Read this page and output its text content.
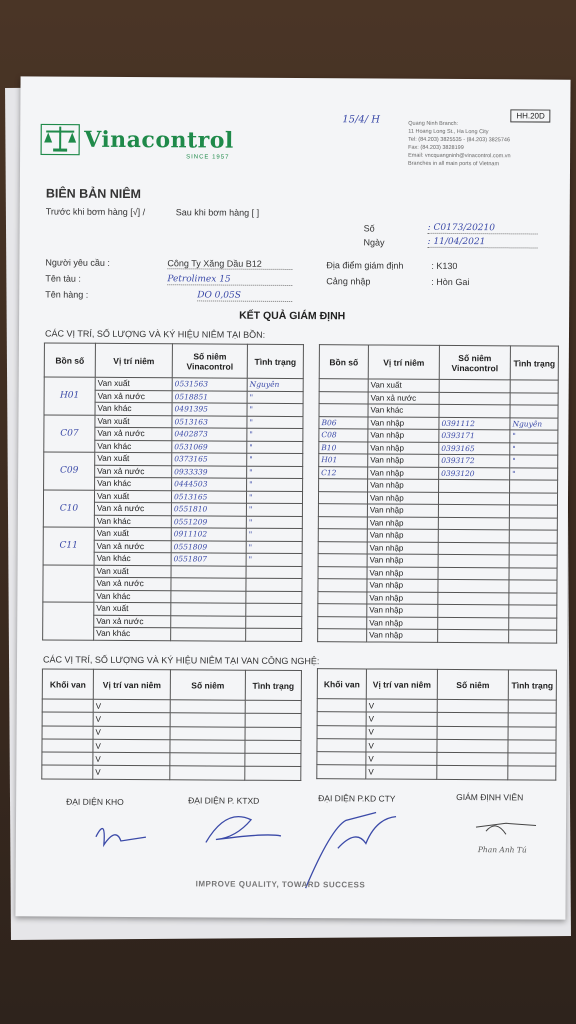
Vinacontrol
SINCE 1957
HH.20D
Quang Ninh Branch:
11 Hoang Long St., Ha Long City
Tel: (84.203) 3825535 - (84.203) 3825746
Fax: (84.203) 3828199
Email: vncquangninh@vinacontrol.com.vn
Branches in all main ports of Vietnam
15/4/ H
BIÊN BẢN NIÊM
Trước khi bơm hàng [√] /	Sau khi bơm hàng [ ]
Số	: C0173/20210
Ngày	: 11/04/2021
Người yêu cầu :	Công Ty Xăng Dầu B12	Địa điểm giám định	: K130
Tên tàu :	Petrolimex 15	Cảng nhập	: Hòn Gai
Tên hàng :	DO 0,05S
KẾT QUẢ GIÁM ĐỊNH
CÁC VỊ TRÍ, SỐ LƯỢNG VÀ KÝ HIỆU NIÊM TẠI BỒN:
Bồn số	Vị trí niêm	Số niêm Vinacontrol	Tình trạng
H01	Van xuất	0531563	Nguyên
	Van xả nước	0518851	"
	Van khác	0491395	"
C07	Van xuất	0513163	"
	Van xả nước	0402873	"
	Van khác	0531069	"
C09	Van xuất	0373165	"
	Van xả nước	0933339	"
	Van khác	0444503	"
C10	Van xuất	0513165	"
	Van xả nước	0551810	"
	Van khác	0551209	"
C11	Van xuất	0911102	"
	Van xả nước	0551809	"
	Van khác	0551807	"
	Van xuất		
	Van xả nước		
	Van khác		
	Van xuất		
	Van xả nước		
	Van khác		
Bồn số	Vị trí niêm	Số niêm Vinacontrol	Tình trạng
	Van xuất		
	Van xả nước		
	Van khác		
B06	Van nhập	0391112	Nguyên
C08	Van nhập	0393171	"
B10	Van nhập	0393165	"
H01	Van nhập	0393172	"
C12	Van nhập	0393120	"
	Van nhập		
	Van nhập		
	Van nhập		
	Van nhập		
	Van nhập		
	Van nhập		
	Van nhập		
	Van nhập		
	Van nhập		
	Van nhập		
	Van nhập		
	Van nhập		
	Van nhập		
CÁC VỊ TRÍ, SỐ LƯỢNG VÀ KÝ HIỆU NIÊM TẠI VAN CÔNG NGHỆ:
Khối van	Vị trí van niêm	Số niêm	Tình trạng
	V		
	V		
	V		
	V		
	V		
	V		
Khối van	Vị trí van niêm	Số niêm	Tình trạng
	V		
	V		
	V		
	V		
	V		
	V		
ĐẠI DIỆN KHO	ĐẠI DIỆN P. KTXD	ĐẠI DIỆN P.KD CTY	GIÁM ĐỊNH VIÊN
Phan Anh Tú
IMPROVE QUALITY, TOWARD SUCCESS
